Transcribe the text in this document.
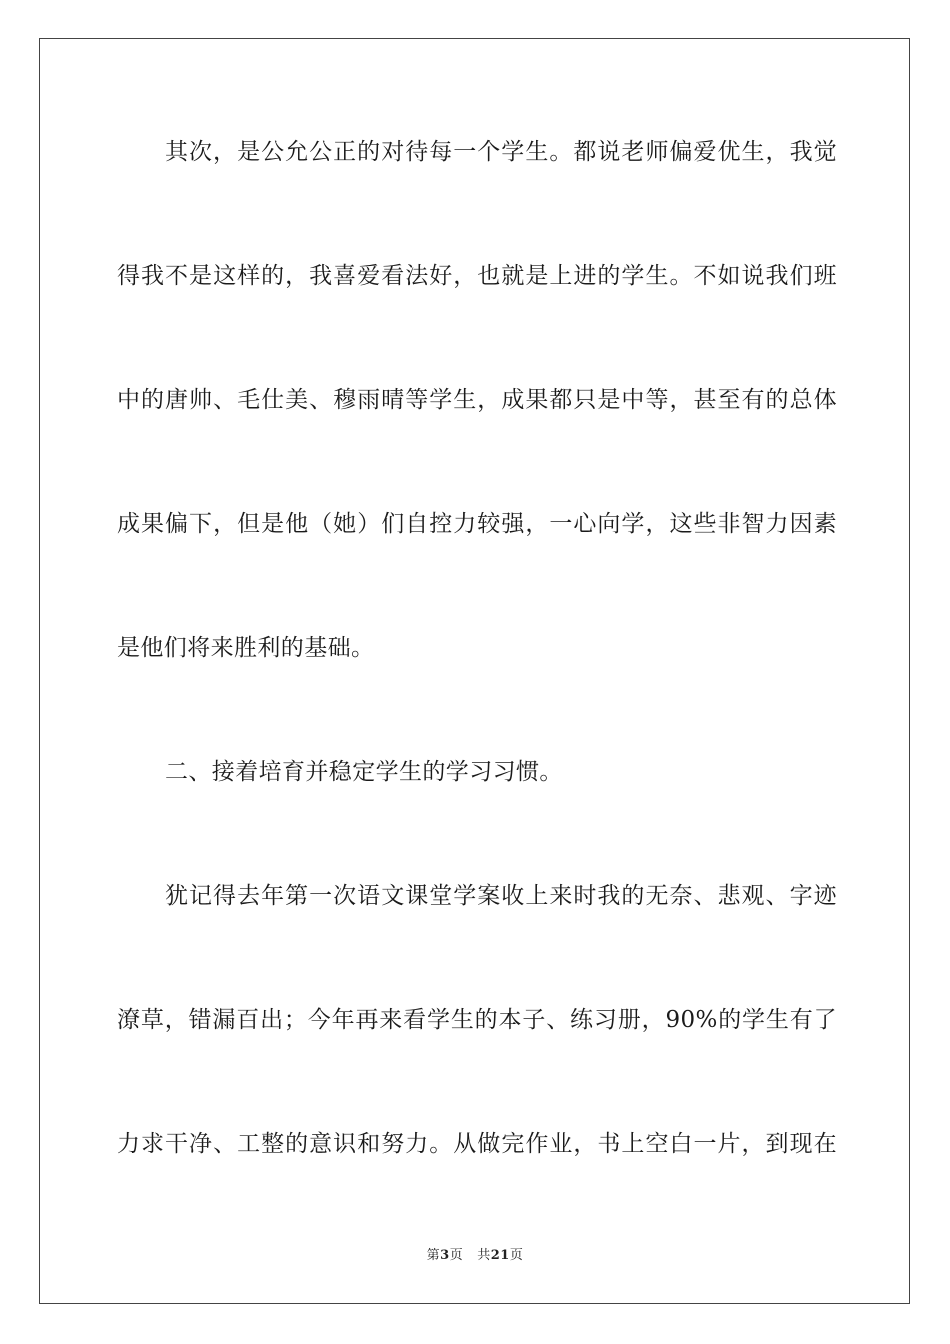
其次，是公允公正的对待每一个学生。都说老师偏爱优生，我觉
得我不是这样的，我喜爱看法好，也就是上进的学生。不如说我们班
中的唐帅、毛仕美、穆雨晴等学生，成果都只是中等，甚至有的总体
成果偏下，但是他（她）们自控力较强，一心向学，这些非智力因素
是他们将来胜利的基础。
二、接着培育并稳定学生的学习习惯。
犹记得去年第一次语文课堂学案收上来时我的无奈、悲观、字迹
潦草，错漏百出；今年再来看学生的本子、练习册，90%的学生有了
力求干净、工整的意识和努力。从做完作业，书上空白一片，到现在
第3页 共21页
